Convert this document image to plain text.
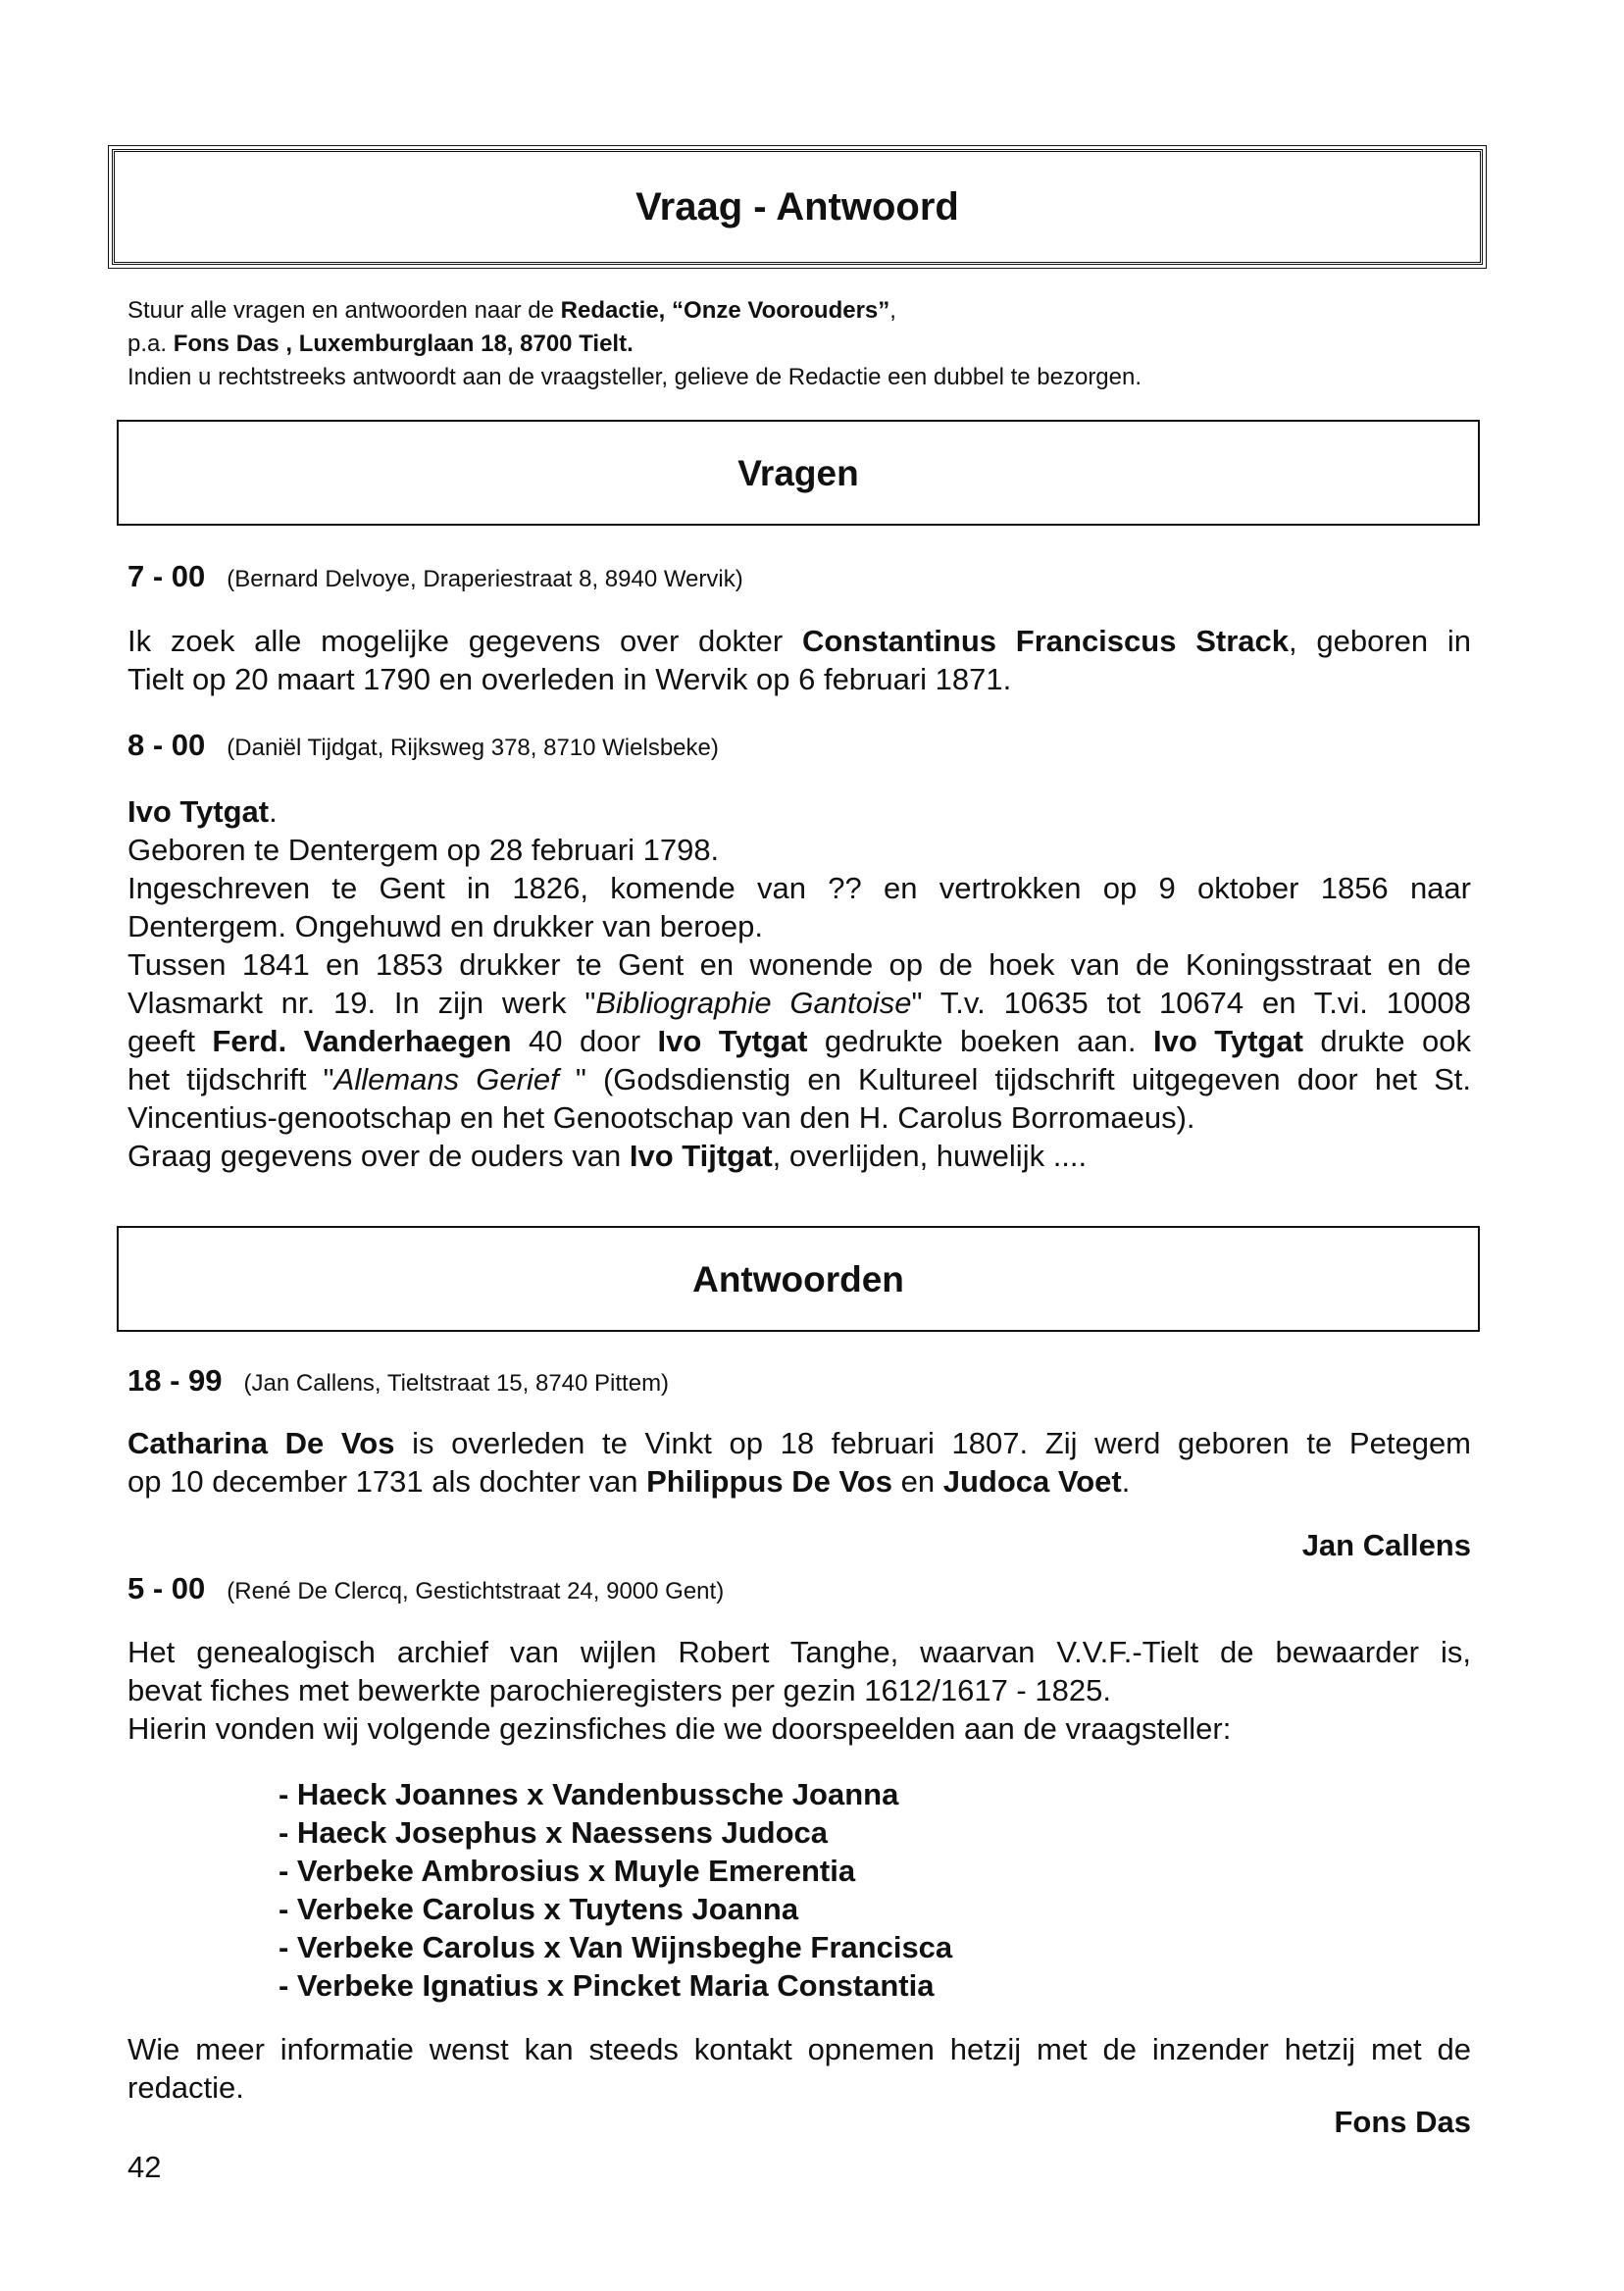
Vraag - Antwoord
Stuur alle vragen en antwoorden naar de Redactie, “Onze Voorouders”,
p.a. Fons Das , Luxemburglaan 18, 8700 Tielt.
Indien u rechtstreeks antwoordt aan de vraagsteller, gelieve de Redactie een dubbel te bezorgen.
Vragen
7 - 00 (Bernard Delvoye, Draperiestraat 8, 8940 Wervik)
Ik zoek alle mogelijke gegevens over dokter Constantinus Franciscus Strack, geboren in
Tielt op 20 maart 1790 en overleden in Wervik op 6 februari 1871.
8 - 00 (Daniël Tijdgat, Rijksweg 378, 8710 Wielsbeke)
Ivo Tytgat.
Geboren te Dentergem op 28 februari 1798.
Ingeschreven te Gent in 1826, komende van ?? en vertrokken op 9 oktober 1856 naar
Dentergem. Ongehuwd en drukker van beroep.
Tussen 1841 en 1853 drukker te Gent en wonende op de hoek van de Koningsstraat en de
Vlasmarkt nr. 19. In zijn werk "Bibliographie Gantoise" T.v. 10635 tot 10674 en T.vi. 10008
geeft Ferd. Vanderhaegen 40 door Ivo Tytgat gedrukte boeken aan. Ivo Tytgat drukte ook
het tijdschrift "Allemans Gerief " (Godsdienstig en Kultureel tijdschrift uitgegeven door het St.
Vincentius-genootschap en het Genootschap van den H. Carolus Borromaeus).
Graag gegevens over de ouders van Ivo Tijtgat, overlijden, huwelijk ....
Antwoorden
18 - 99 (Jan Callens, Tieltstraat 15, 8740 Pittem)
Catharina De Vos is overleden te Vinkt op 18 februari 1807. Zij werd geboren te Petegem
op 10 december 1731 als dochter van Philippus De Vos en Judoca Voet.
Jan Callens
5 - 00 (René De Clercq, Gestichtstraat 24, 9000 Gent)
Het genealogisch archief van wijlen Robert Tanghe, waarvan V.V.F.-Tielt de bewaarder is,
bevat fiches met bewerkte parochieregisters per gezin 1612/1617 - 1825.
Hierin vonden wij volgende gezinsfiches die we doorspeelden aan de vraagsteller:
- Haeck Joannes x Vandenbussche Joanna
- Haeck Josephus x Naessens Judoca
- Verbeke Ambrosius x Muyle Emerentia
- Verbeke Carolus x Tuytens Joanna
- Verbeke Carolus x Van Wijnsbeghe Francisca
- Verbeke Ignatius x Pincket Maria Constantia
Wie meer informatie wenst kan steeds kontakt opnemen hetzij met de inzender hetzij met de
redactie.
Fons Das
42
